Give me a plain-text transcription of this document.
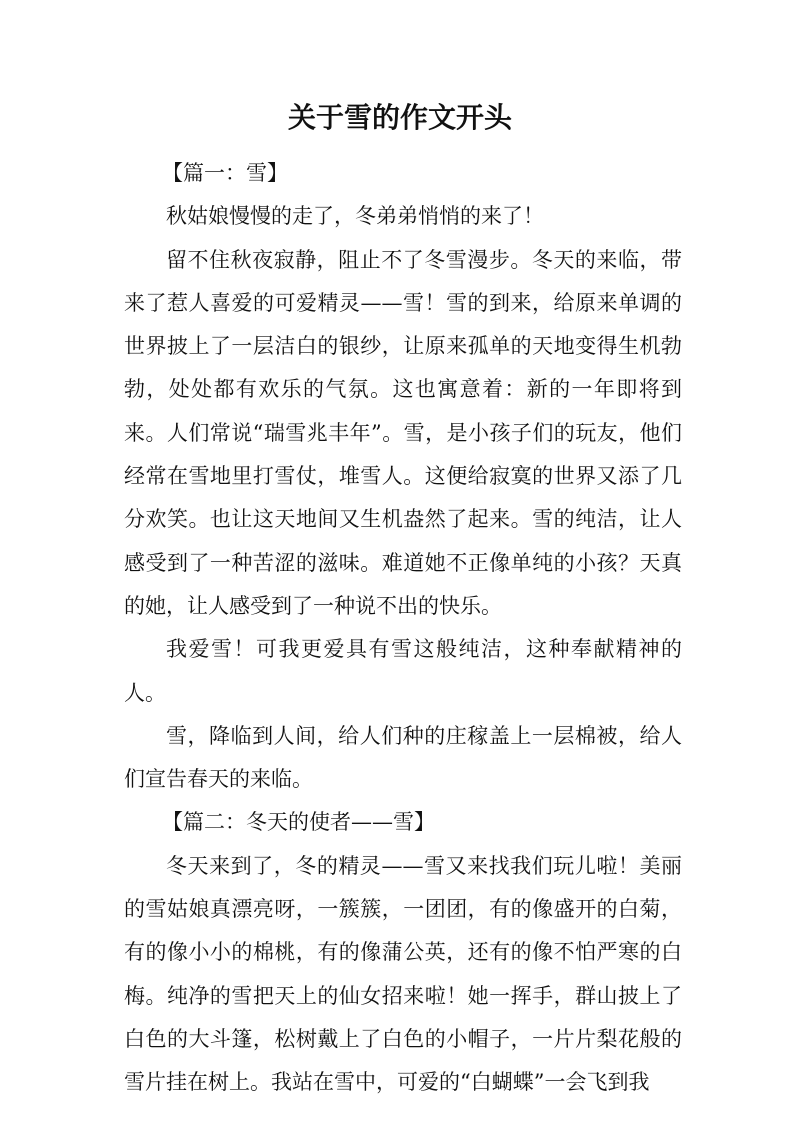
关于雪的作文开头

【篇一：雪】

秋姑娘慢慢的走了，冬弟弟悄悄的来了！

留不住秋夜寂静，阻止不了冬雪漫步。冬天的来临，带来了惹人喜爱的可爱精灵——雪！雪的到来，给原来单调的世界披上了一层洁白的银纱，让原来孤单的天地变得生机勃勃，处处都有欢乐的气氛。这也寓意着：新的一年即将到来。人们常说“瑞雪兆丰年”。雪，是小孩子们的玩友，他们经常在雪地里打雪仗，堆雪人。这便给寂寞的世界又添了几分欢笑。也让这天地间又生机盎然了起来。雪的纯洁，让人感受到了一种苦涩的滋味。难道她不正像单纯的小孩？天真的她，让人感受到了一种说不出的快乐。

我爱雪！可我更爱具有雪这般纯洁，这种奉献精神的人。

雪，降临到人间，给人们种的庄稼盖上一层棉被，给人们宣告春天的来临。

【篇二：冬天的使者——雪】

冬天来到了，冬的精灵——雪又来找我们玩儿啦！美丽的雪姑娘真漂亮呀，一簇簇，一团团，有的像盛开的白菊，有的像小小的棉桃，有的像蒲公英，还有的像不怕严寒的白梅。纯净的雪把天上的仙女招来啦！她一挥手，群山披上了白色的大斗篷，松树戴上了白色的小帽子，一片片梨花般的雪片挂在树上。我站在雪中，可爱的“白蝴蝶”一会飞到我
